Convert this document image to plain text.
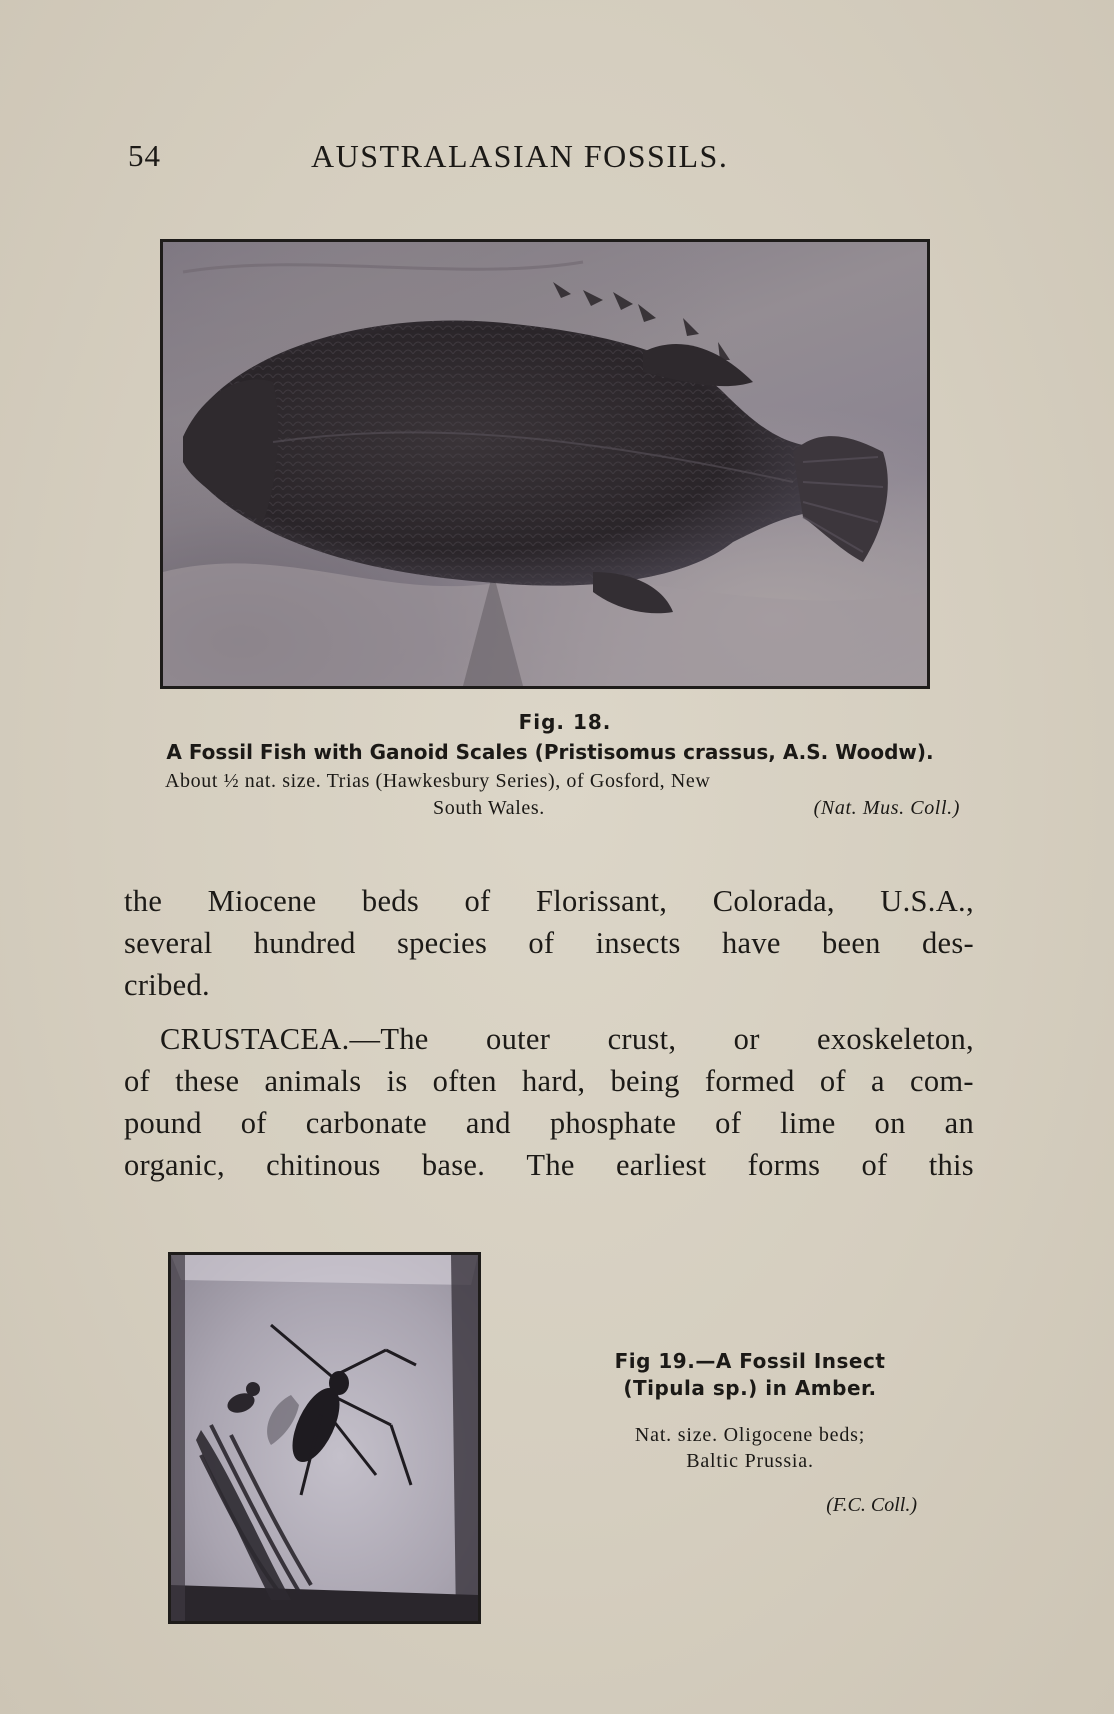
54	AUSTRALASIAN FOSSILS.
Fig. 18.
A Fossil Fish with Ganoid Scales (Pristisomus crassus, A.S. Woodw).
About ½ nat. size. Trias (Hawkesbury Series), of Gosford, New
South Wales.	(Nat. Mus. Coll.)

the Miocene beds of Florissant, Colorada, U.S.A.,
several hundred species of insects have been des-
cribed.

CRUSTACEA.—The outer crust, or exoskeleton,
of these animals is often hard, being formed of a com-
pound of carbonate and phosphate of lime on an
organic, chitinous base. The earliest forms of this

Fig 19.—A Fossil Insect
(Tipula sp.) in Amber.
Nat. size. Oligocene beds;
Baltic Prussia.
(F.C. Coll.)
